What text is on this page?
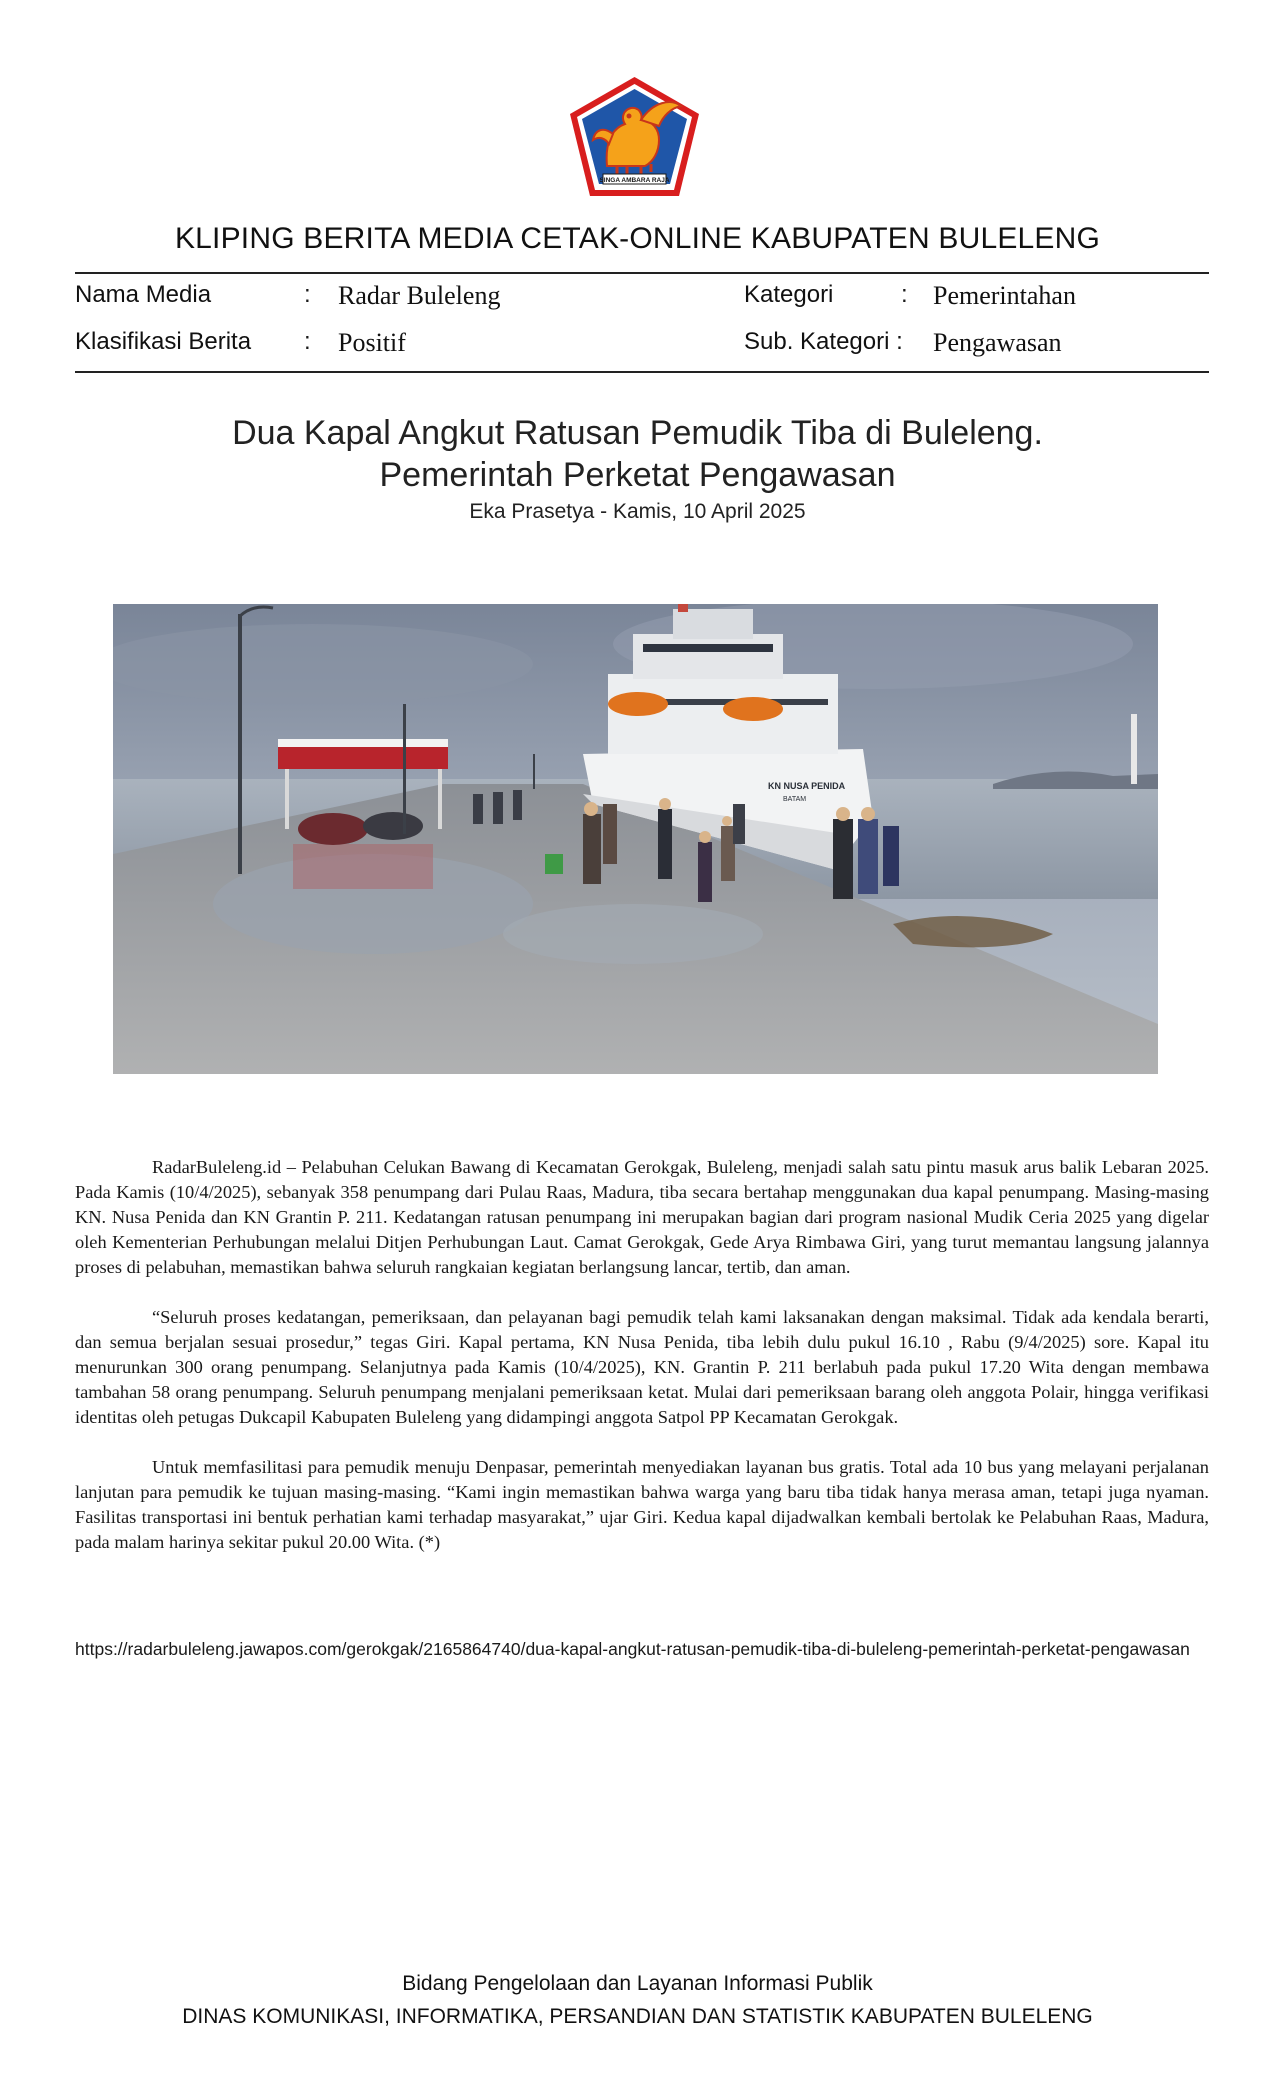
SINGA AMBARA RAJA
KLIPING BERITA MEDIA CETAK-ONLINE KABUPATEN BULELENG
Nama Media	: Radar Buleleng	Kategori	: Pemerintahan
Klasifikasi Berita : Positif	Sub. Kategori : Pengawasan
Dua Kapal Angkut Ratusan Pemudik Tiba di Buleleng.
Pemerintah Perketat Pengawasan
Eka Prasetya - Kamis, 10 April 2025
KN NUSA PENIDA
BATAM

RadarBuleleng.id – Pelabuhan Celukan Bawang di Kecamatan Gerokgak, Buleleng, menjadi salah satu pintu masuk arus balik Lebaran 2025. Pada Kamis (10/4/2025), sebanyak 358 penumpang dari Pulau Raas, Madura, tiba secara bertahap menggunakan dua kapal penumpang. Masing-masing KN. Nusa Penida dan KN Grantin P. 211. Kedatangan ratusan penumpang ini merupakan bagian dari program nasional Mudik Ceria 2025 yang digelar oleh Kementerian Perhubungan melalui Ditjen Perhubungan Laut. Camat Gerokgak, Gede Arya Rimbawa Giri, yang turut memantau langsung jalannya proses di pelabuhan, memastikan bahwa seluruh rangkaian kegiatan berlangsung lancar, tertib, dan aman.

“Seluruh proses kedatangan, pemeriksaan, dan pelayanan bagi pemudik telah kami laksanakan dengan maksimal. Tidak ada kendala berarti, dan semua berjalan sesuai prosedur,” tegas Giri. Kapal pertama, KN Nusa Penida, tiba lebih dulu pukul 16.10 , Rabu (9/4/2025) sore. Kapal itu menurunkan 300 orang penumpang. Selanjutnya pada Kamis (10/4/2025), KN. Grantin P. 211 berlabuh pada pukul 17.20 Wita dengan membawa tambahan 58 orang penumpang. Seluruh penumpang menjalani pemeriksaan ketat. Mulai dari pemeriksaan barang oleh anggota Polair, hingga verifikasi identitas oleh petugas Dukcapil Kabupaten Buleleng yang didampingi anggota Satpol PP Kecamatan Gerokgak.

Untuk memfasilitasi para pemudik menuju Denpasar, pemerintah menyediakan layanan bus gratis. Total ada 10 bus yang melayani perjalanan lanjutan para pemudik ke tujuan masing-masing. “Kami ingin memastikan bahwa warga yang baru tiba tidak hanya merasa aman, tetapi juga nyaman. Fasilitas transportasi ini bentuk perhatian kami terhadap masyarakat,” ujar Giri. Kedua kapal dijadwalkan kembali bertolak ke Pelabuhan Raas, Madura, pada malam harinya sekitar pukul 20.00 Wita. (*)

https://radarbuleleng.jawapos.com/gerokgak/2165864740/dua-kapal-angkut-ratusan-pemudik-tiba-di-buleleng-pemerintah-perketat-pengawasan
Bidang Pengelolaan dan Layanan Informasi Publik
DINAS KOMUNIKASI, INFORMATIKA, PERSANDIAN DAN STATISTIK KABUPATEN BULELENG
